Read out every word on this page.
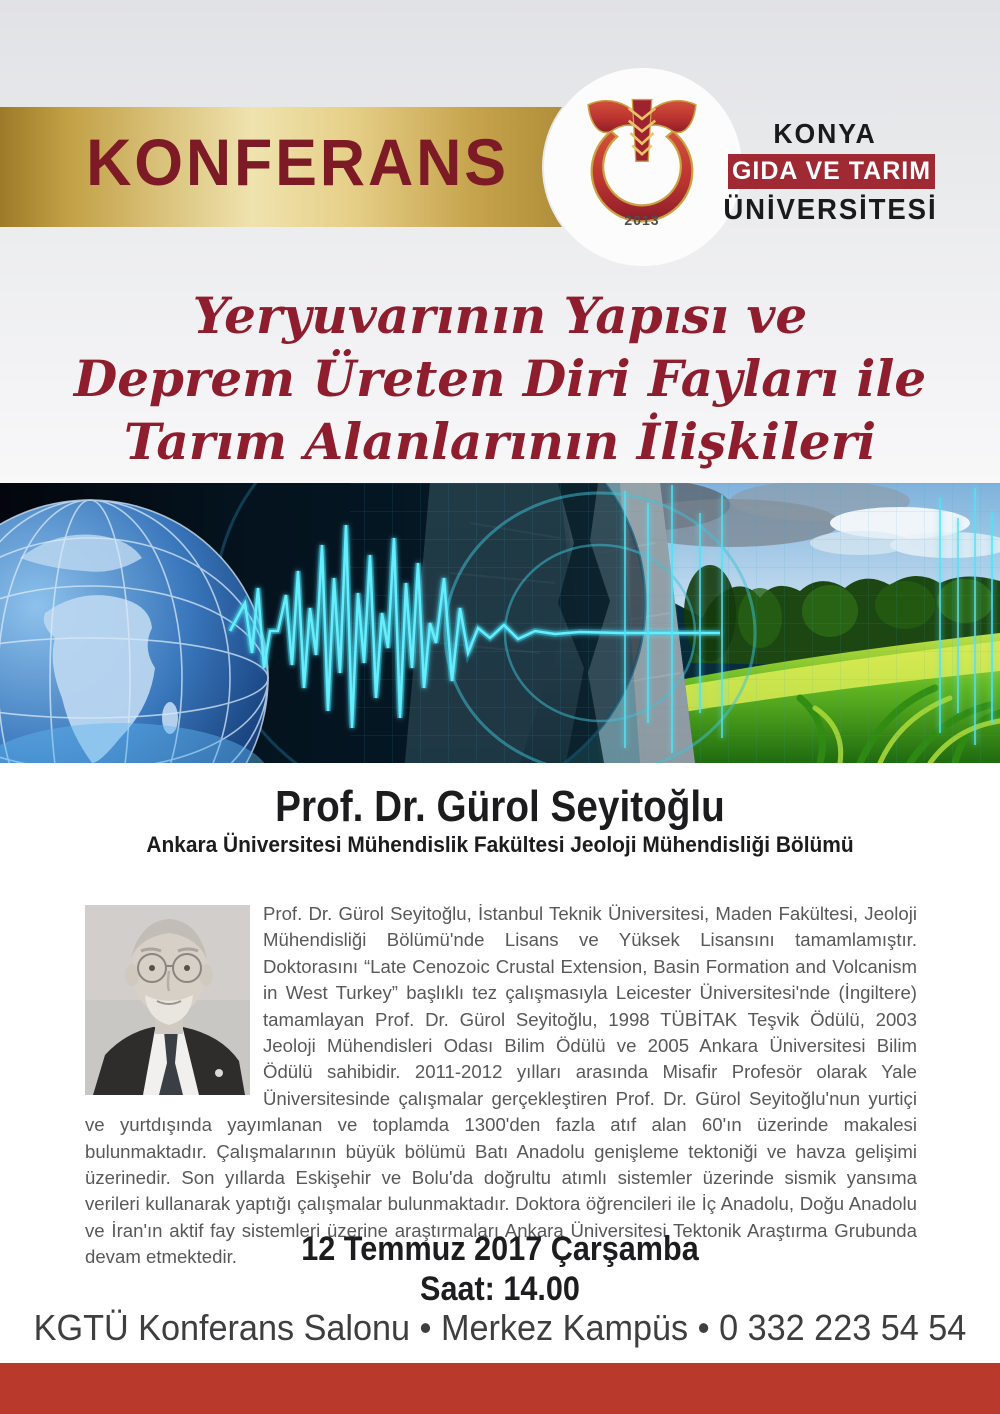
KONFERANS
2013
KONYA
GIDA VE TARIM
ÜNİVERSİTESİ
Yeryuvarının Yapısı ve
Deprem Üreten Diri Fayları ile
Tarım Alanlarının İlişkileri
Prof. Dr. Gürol Seyitoğlu
Ankara Üniversitesi Mühendislik Fakültesi Jeoloji Mühendisliği Bölümü
Prof. Dr. Gürol Seyitoğlu, İstanbul Teknik Üniversitesi, Maden Fakültesi, Jeoloji Mühendisliği Bölümü'nde Lisans ve Yüksek Lisansını tamamlamıştır. Doktorasını “Late Cenozoic Crustal Extension, Basin Formation and Volcanism in West Turkey” başlıklı tez çalışmasıyla Leicester Üniversitesi'nde (İngiltere) tamamlayan Prof. Dr. Gürol Seyitoğlu, 1998 TÜBİTAK Teşvik Ödülü, 2003 Jeoloji Mühendisleri Odası Bilim Ödülü ve 2005 Ankara Üniversitesi Bilim Ödülü sahibidir. 2011-2012 yılları arasında Misafir Profesör olarak Yale Üniversitesinde çalışmalar gerçekleştiren Prof. Dr. Gürol Seyitoğlu'nun yurtiçi ve yurtdışında yayımlanan ve toplamda 1300'den fazla atıf alan 60'ın üzerinde makalesi bulunmaktadır. Çalışmalarının büyük bölümü Batı Anadolu genişleme tektoniği ve havza gelişimi üzerinedir. Son yıllarda Eskişehir ve Bolu'da doğrultu atımlı sistemler üzerinde sismik yansıma verileri kullanarak yaptığı çalışmalar bulunmaktadır. Doktora öğrencileri ile İç Anadolu, Doğu Anadolu ve İran'ın aktif fay sistemleri üzerine araştırmaları Ankara Üniversitesi Tektonik Araştırma Grubunda devam etmektedir.	12 Temmuz 2017 Çarşamba
Saat: 14.00
KGTÜ Konferans Salonu • Merkez Kampüs • 0 332 223 54 54
